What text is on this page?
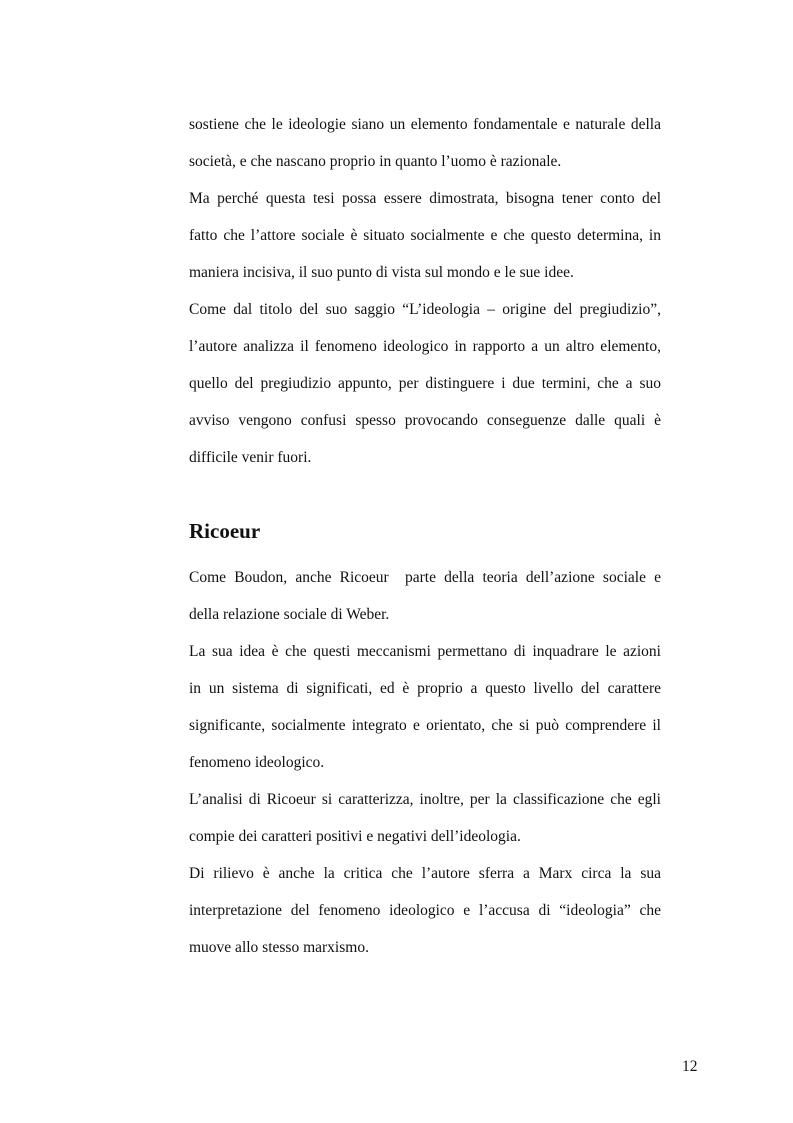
sostiene che le ideologie siano un elemento fondamentale e naturale della
società, e che nascano proprio in quanto l’uomo è razionale.

Ma perché questa tesi possa essere dimostrata, bisogna tener conto del
fatto che l’attore sociale è situato socialmente e che questo determina, in
maniera incisiva, il suo punto di vista sul mondo e le sue idee.

Come dal titolo del suo saggio “L’ideologia – origine del pregiudizio”,
l’autore analizza il fenomeno ideologico in rapporto a un altro elemento,
quello del pregiudizio appunto, per distinguere i due termini, che a suo
avviso vengono confusi spesso provocando conseguenze dalle quali è
difficile venir fuori.

Ricoeur

Come Boudon, anche Ricoeur  parte della teoria dell’azione sociale e
della relazione sociale di Weber.

La sua idea è che questi meccanismi permettano di inquadrare le azioni
in un sistema di significati, ed è proprio a questo livello del carattere
significante, socialmente integrato e orientato, che si può comprendere il
fenomeno ideologico.

L’analisi di Ricoeur si caratterizza, inoltre, per la classificazione che egli
compie dei caratteri positivi e negativi dell’ideologia.

Di rilievo è anche la critica che l’autore sferra a Marx circa la sua
interpretazione del fenomeno ideologico e l’accusa di “ideologia” che
muove allo stesso marxismo.

12
